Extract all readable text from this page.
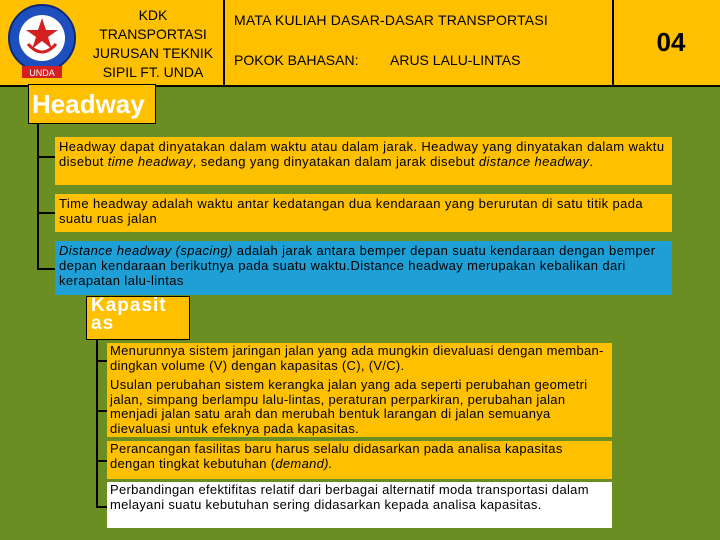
UNDA
KDK
TRANSPORTASI
JURUSAN TEKNIK
SIPIL FT. UNDA
MATA KULIAH DASAR-DASAR TRANSPORTASI
POKOK BAHASAN: ARUS LALU-LINTAS
04
Headway
Headway dapat dinyatakan dalam waktu atau dalam jarak. Headway yang dinyatakan dalam waktu disebut time headway, sedang yang dinyatakan dalam jarak disebut distance headway.
Time headway adalah waktu antar kedatangan dua kendaraan yang berurutan di satu titik pada suatu ruas jalan
Distance headway (spacing) adalah jarak antara bemper depan suatu kendaraan dengan bemper depan kendaraan berikutnya pada suatu waktu.Distance headway merupakan kebalikan dari kerapatan lalu-lintas
Kapasit
as
Menurunnya sistem jaringan jalan yang ada mungkin dievaluasi dengan memban-dingkan volume (V) dengan kapasitas (C), (V/C).
Usulan perubahan sistem kerangka jalan yang ada seperti perubahan geometri jalan, simpang berlampu lalu-lintas, peraturan perparkiran, perubahan jalan menjadi jalan satu arah dan merubah bentuk larangan di jalan semuanya dievaluasi untuk efeknya pada kapasitas.
Perancangan fasilitas baru harus selalu didasarkan pada analisa kapasitas dengan tingkat kebutuhan (demand).
Perbandingan efektifitas relatif dari berbagai alternatif moda transportasi dalam melayani suatu kebutuhan sering didasarkan kepada analisa kapasitas.
